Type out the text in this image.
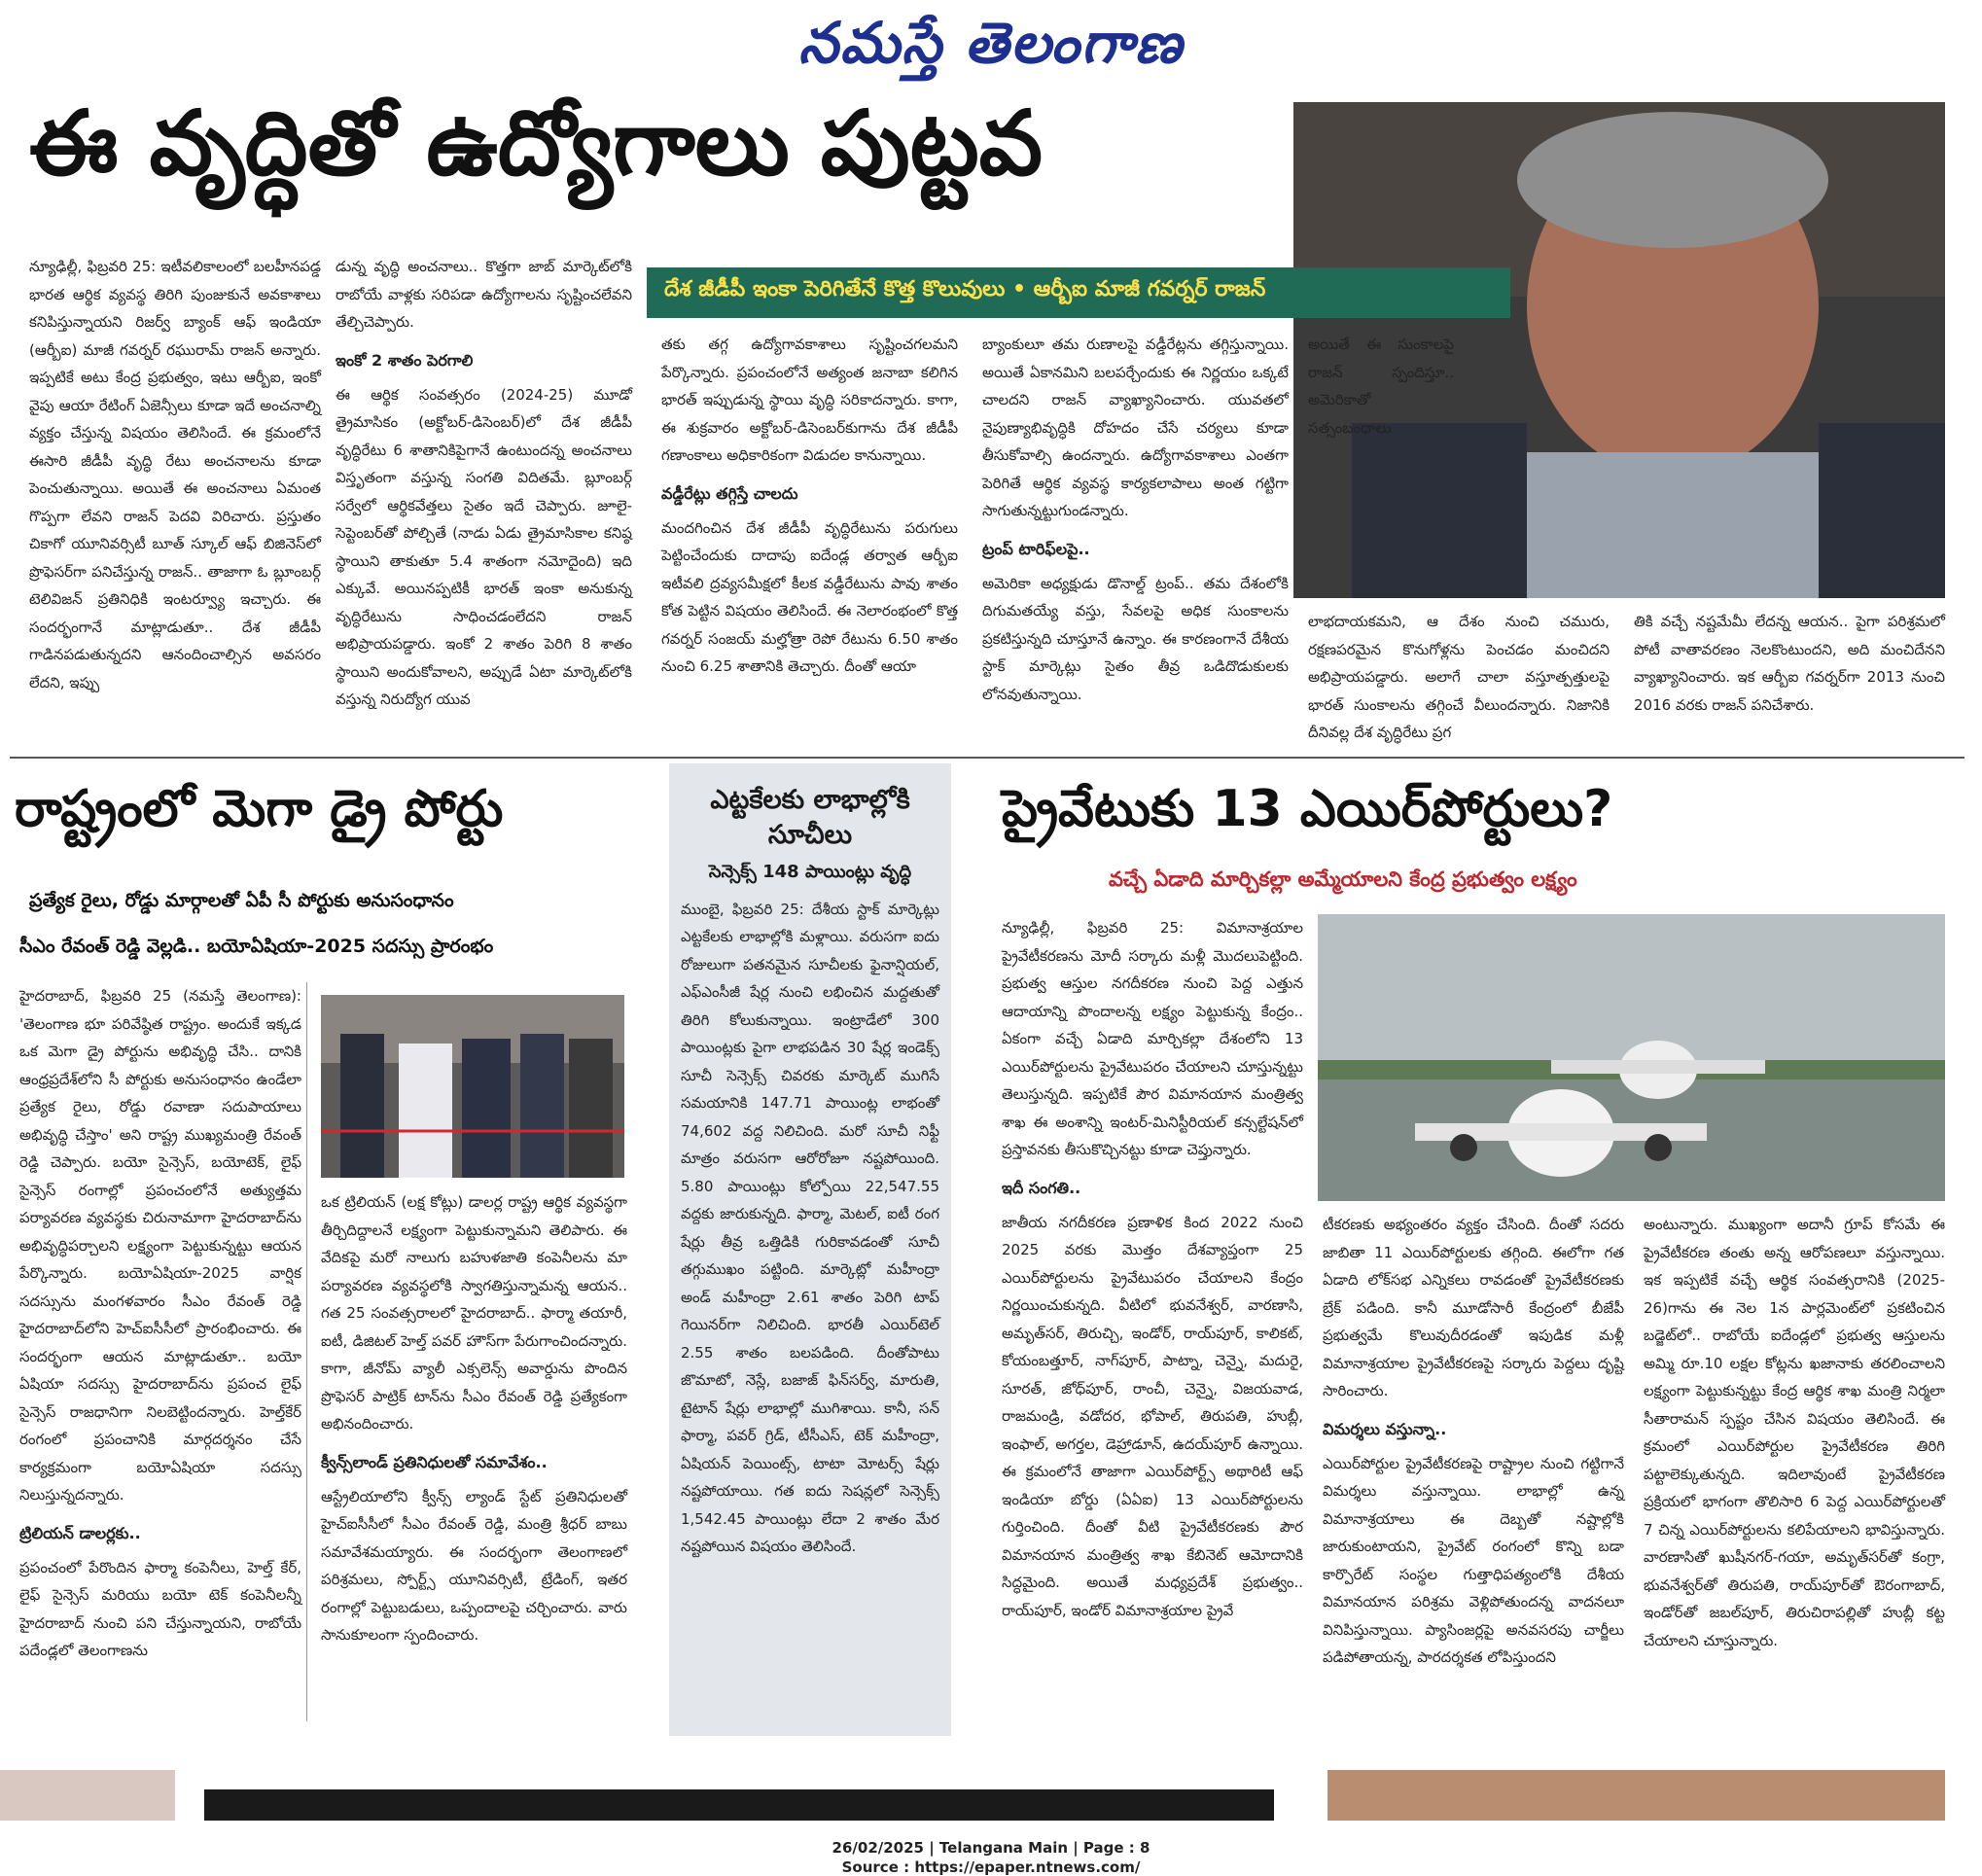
నమస్తే తెలంగాణ
ఈ వృద్ధితో ఉద్యోగాలు పుట్టవ
దేశ జీడీపీ ఇంకా పెరిగితేనే కొత్త కొలువులు • ఆర్బీఐ మాజీ గవర్నర్ రాజన్
న్యూఢిల్లీ, ఫిబ్రవరి 25: ఇటీవలికాలంలో బలహీనపడ్డ భారత ఆర్థిక వ్యవస్థ తిరిగి పుంజుకునే అవకాశాలు కనిపిస్తున్నాయని రిజర్వ్ బ్యాంక్ ఆఫ్ ఇండియా (ఆర్బీఐ) మాజీ గవర్నర్ రఘురామ్ రాజన్ అన్నారు. ఇప్పటికే అటు కేంద్ర ప్రభుత్వం, ఇటు ఆర్బీఐ, ఇంకో వైపు ఆయా రేటింగ్ ఏజెన్సీలు కూడా ఇదే అంచనాల్ని వ్యక్తం చేస్తున్న విషయం తెలిసిందే. ఈ క్రమంలోనే ఈసారి జీడీపీ వృద్ధి రేటు అంచనాలను కూడా పెంచుతున్నాయి. అయితే ఈ అంచనాలు ఏమంత గొప్పగా లేవని రాజన్ పెదవి విరిచారు. ప్రస్తుతం చికాగో యూనివర్సిటీ బూత్ స్కూల్ ఆఫ్ బిజినెస్‌లో ప్రొఫెసర్‌గా పనిచేస్తున్న రాజన్.. తాజాగా ఓ బ్లూంబర్గ్ టెలివిజన్ ప్రతినిధికి ఇంటర్వ్యూ ఇచ్చారు. ఈ సందర్భంగానే మాట్లాడుతూ.. దేశ జీడీపీ గాడినపడుతున్నదని ఆనందించాల్సిన అవసరం లేదని, ఇప్పు
డున్న వృద్ధి అంచనాలు.. కొత్తగా జాబ్ మార్కెట్‌లోకి రాబోయే వాళ్లకు సరిపడా ఉద్యోగాలను సృష్టించలేవని తేల్చిచెప్పారు.
ఇంకో 2 శాతం పెరగాలి
ఈ ఆర్థిక సంవత్సరం (2024-25) మూడో త్రైమాసికం (అక్టోబర్-డిసెంబర్)లో దేశ జీడీపీ వృద్ధిరేటు 6 శాతానికిపైగానే ఉంటుందన్న అంచనాలు విస్తృతంగా వస్తున్న సంగతి విదితమే. బ్లూంబర్గ్ సర్వేలో ఆర్థికవేత్తలు సైతం ఇదే చెప్పారు. జూలై-సెప్టెంబర్‌తో పోల్చితే (నాడు ఏడు త్రైమాసికాల కనిష్ఠ స్థాయిని తాకుతూ 5.4 శాతంగా నమోదైంది) ఇది ఎక్కువే. అయినప్పటికీ భారత్ ఇంకా అనుకున్న వృద్ధిరేటును సాధించడంలేదని రాజన్ అభిప్రాయపడ్డారు. ఇంకో 2 శాతం పెరిగి 8 శాతం స్థాయిని అందుకోవాలని, అప్పుడే ఏటా మార్కెట్‌లోకి వస్తున్న నిరుద్యోగ యువ
తకు తగ్గ ఉద్యోగావకాశాలు సృష్టించగలమని పేర్కొన్నారు. ప్రపంచంలోనే అత్యంత జనాబా కలిగిన భారత్ ఇప్పుడున్న స్థాయి వృద్ధి సరికాదన్నారు. కాగా, ఈ శుక్రవారం అక్టోబర్-డిసెంబర్‌కుగాను దేశ జీడీపీ గణాంకాలు అధికారికంగా విడుదల కానున్నాయి.
వడ్డీరేట్లు తగ్గిస్తే చాలదు
మందగించిన దేశ జీడీపీ వృద్ధిరేటును పరుగులు పెట్టించేందుకు దాదాపు ఐదేండ్ల తర్వాత ఆర్బీఐ ఇటీవలి ద్రవ్యసమీక్షలో కీలక వడ్డీరేటును పావు శాతం కోత పెట్టిన విషయం తెలిసిందే. ఈ నెలారంభంలో కొత్త గవర్నర్ సంజయ్ మల్హోత్రా రెపో రేటును 6.50 శాతం నుంచి 6.25 శాతానికి తెచ్చారు. దీంతో ఆయా
బ్యాంకులూ తమ రుణాలపై వడ్డీరేట్లను తగ్గిస్తున్నాయి. అయితే ఏకానమిని బలపర్చేందుకు ఈ నిర్ణయం ఒక్కటే చాలదని రాజన్ వ్యాఖ్యానించారు. యువతలో నైపుణ్యాభివృద్ధికి దోహదం చేసే చర్యలు కూడా తీసుకోవాల్సి ఉందన్నారు. ఉద్యోగావకాశాలు ఎంతగా పెరిగితే ఆర్థిక వ్యవస్థ కార్యకలాపాలు అంత గట్టిగా సాగుతున్నట్టుగుండన్నారు.
ట్రంప్ టారిఫ్‌లపై..
అమెరికా అధ్యక్షుడు డొనాల్డ్ ట్రంప్.. తమ దేశంలోకి దిగుమతయ్యే వస్తు, సేవలపై అధిక సుంకాలను ప్రకటిస్తున్నది చూస్తూనే ఉన్నాం. ఈ కారణంగానే దేశీయ స్టాక్ మార్కెట్లు సైతం తీవ్ర ఒడిదొడుకులకు లోనవుతున్నాయి.
అయితే ఈ సుంకాలపై రాజన్ స్పందిస్తూ.. అమెరికాతో సత్సంబంధాలు
లాభదాయకమని, ఆ దేశం నుంచి చమురు, రక్షణపరమైన కొనుగోళ్లను పెంచడం మంచిదని అభిప్రాయపడ్డారు. అలాగే చాలా వస్తూత్పత్తులపై భారత్ సుంకాలను తగ్గించే వీలుందన్నారు. నిజానికి దీనివల్ల దేశ వృద్ధిరేటు ప్రగ
తికి వచ్చే నష్టమేమీ లేదన్న ఆయన.. పైగా పరిశ్రమలో పోటీ వాతావరణం నెలకొంటుందని, అది మంచిదేనని వ్యాఖ్యానించారు. ఇక ఆర్బీఐ గవర్నర్‌గా 2013 నుంచి 2016 వరకు రాజన్ పనిచేశారు.
రాష్ట్రంలో మెగా డ్రై పోర్టు
ప్రత్యేక రైలు, రోడ్డు మార్గాలతో ఏపీ సీ పోర్టుకు అనుసంధానం
సీఎం రేవంత్ రెడ్డి వెల్లడి.. బయోఏషియా-2025 సదస్సు ప్రారంభం
హైదరాబాద్, ఫిబ్రవరి 25 (నమస్తే తెలంగాణ): 'తెలంగాణ భూ పరివేష్ఠిత రాష్ట్రం. అందుకే ఇక్కడ ఒక మెగా డ్రై పోర్టును అభివృద్ధి చేసి.. దానికి ఆంధ్రప్రదేశ్‌లోని సీ పోర్టుకు అనుసంధానం ఉండేలా ప్రత్యేక రైలు, రోడ్డు రవాణా సదుపాయాలు అభివృద్ధి చేస్తాం' అని రాష్ట్ర ముఖ్యమంత్రి రేవంత్ రెడ్డి చెప్పారు. బయో సైన్సెస్, బయోటెక్, లైఫ్ సైన్సెస్ రంగాల్లో ప్రపంచంలోనే అత్యుత్తమ పర్యావరణ వ్యవస్థకు చిరునామాగా హైదరాబాద్‌ను అభివృద్ధిపర్చాలని లక్ష్యంగా పెట్టుకున్నట్టు ఆయన పేర్కొన్నారు. బయోఏషియా-2025 వార్షిక సదస్సును మంగళవారం సీఎం రేవంత్ రెడ్డి హైదరాబాద్‌లోని హెచ్ఐసీసీలో ప్రారంభించారు. ఈ సందర్భంగా ఆయన మాట్లాడుతూ.. బయో ఏషియా సదస్సు హైదరాబాద్‌ను ప్రపంచ లైఫ్ సైన్సెస్ రాజధానిగా నిలబెట్టిందన్నారు. హెల్త్‌కేర్ రంగంలో ప్రపంచానికి మార్గదర్శనం చేసే కార్యక్రమంగా బయోఏషియా సదస్సు నిలుస్తున్నదన్నారు.
ట్రిలియన్ డాలర్లకు..
ప్రపంచంలో పేరొందిన ఫార్మా కంపెనీలు, హెల్త్ కేర్, లైఫ్ సైన్సెస్ మరియు బయో టెక్ కంపెనీలన్నీ హైదరాబాద్ నుంచి పని చేస్తున్నాయని, రాబోయే పదేండ్లలో తెలంగాణను
ఒక ట్రిలియన్ (లక్ష కోట్లు) డాలర్ల రాష్ట్ర ఆర్థిక వ్యవస్థగా తీర్చిదిద్దాలనే లక్ష్యంగా పెట్టుకున్నామని తెలిపారు. ఈ వేదికపై మరో నాలుగు బహుళజాతి కంపెనీలను మా పర్యావరణ వ్యవస్థలోకి స్వాగతిస్తున్నామన్న ఆయన.. గత 25 సంవత్సరాలలో హైదరాబాద్.. ఫార్మా తయారీ, ఐటీ, డిజిటల్ హెల్త్ పవర్ హౌస్‌గా పేరుగాంచిందన్నారు. కాగా, జీనోమ్ వ్యాలీ ఎక్సలెన్స్ అవార్డును పొందిన ప్రొఫెసర్ పాట్రిక్ టాన్‌ను సీఎం రేవంత్ రెడ్డి ప్రత్యేకంగా అభినందించారు.
క్వీన్స్‌లాండ్ ప్రతినిధులతో సమావేశం..
ఆస్ట్రేలియాలోని క్వీన్స్ ల్యాండ్ స్టేట్ ప్రతినిధులతో హైచ్ఐసీసీలో సీఎం రేవంత్ రెడ్డి, మంత్రి శ్రీధర్ బాబు సమావేశమయ్యారు. ఈ సందర్భంగా తెలంగాణలో పరిశ్రమలు, స్పోర్ట్స్ యూనివర్సిటీ, ట్రేడింగ్, ఇతర రంగాల్లో పెట్టుబడులు, ఒప్పందాలపై చర్చించారు. వారు సానుకూలంగా స్పందించారు.
ఎట్టకేలకు లాభాల్లోకి సూచీలు
సెన్సెక్స్ 148 పాయింట్లు వృద్ధి
ముంబై, ఫిబ్రవరి 25: దేశీయ స్టాక్ మార్కెట్లు ఎట్టకేలకు లాభాల్లోకి మళ్లాయి. వరుసగా ఐదు రోజులుగా పతనమైన సూచీలకు ఫైనాన్షియల్, ఎఫ్ఎంసీజీ షేర్ల నుంచి లభించిన మద్దతుతో తిరిగి కోలుకున్నాయి. ఇంట్రాడేలో 300 పాయింట్లకు పైగా లాభపడిన 30 షేర్ల ఇండెక్స్ సూచీ సెన్సెక్స్ చివరకు మార్కెట్ ముగిసే సమయానికి 147.71 పాయింట్ల లాభంతో 74,602 వద్ద నిలిచింది. మరో సూచీ నిఫ్టీ మాత్రం వరుసగా ఆరోరోజూ నష్టపోయింది. 5.80 పాయింట్లు కోల్పోయి 22,547.55 వద్దకు జారుకున్నది. ఫార్మా, మెటల్, ఐటీ రంగ షేర్లు తీవ్ర ఒత్తిడికి గురికావడంతో సూచీ తగ్గుముఖం పట్టింది. మార్కెట్లో మహీంద్రా అండ్ మహీంద్రా 2.61 శాతం పెరిగి టాప్ గెయినర్‌గా నిలిచింది. భారతీ ఎయిర్‌టెల్ 2.55 శాతం బలపడింది. దీంతోపాటు జొమాటో, నెస్లే, బజాజ్ ఫిన్‌సర్వ్, మారుతి, టైటాన్ షేర్లు లాభాల్లో ముగిశాయి. కానీ, సన్ ఫార్మా, పవర్ గ్రిడ్, టీసీఎస్, టెక్ మహీంద్రా, ఏషియన్ పెయింట్స్, టాటా మోటర్స్ షేర్లు నష్టపోయాయి. గత ఐదు సెషన్లలో సెన్సెక్స్ 1,542.45 పాయింట్లు లేదా 2 శాతం మేర నష్టపోయిన విషయం తెలిసిందే.
ప్రైవేటుకు 13 ఎయిర్‌పోర్టులు?
వచ్చే ఏడాది మార్చికల్లా అమ్మేయాలని కేంద్ర ప్రభుత్వం లక్ష్యం
న్యూఢిల్లీ, ఫిబ్రవరి 25: విమానాశ్రయాల ప్రైవేటీకరణను మోదీ సర్కారు మళ్లీ మొదలుపెట్టింది. ప్రభుత్వ ఆస్తుల నగదీకరణ నుంచి పెద్ద ఎత్తున ఆదాయాన్ని పొందాలన్న లక్ష్యం పెట్టుకున్న కేంద్రం.. ఏకంగా వచ్చే ఏడాది మార్చికల్లా దేశంలోని 13 ఎయిర్‌పోర్టులను ప్రైవేటుపరం చేయాలని చూస్తున్నట్టు తెలుస్తున్నది. ఇప్పటికే పౌర విమానయాన మంత్రిత్వ శాఖ ఈ అంశాన్ని ఇంటర్-మినిస్టీరియల్ కన్సల్టేషన్‌లో ప్రస్తావనకు తీసుకొచ్చినట్టు కూడా చెప్తున్నారు.
ఇదీ సంగతి..
జాతీయ నగదీకరణ ప్రణాళిక కింద 2022 నుంచి 2025 వరకు మొత్తం దేశవ్యాప్తంగా 25 ఎయిర్‌పోర్టులను ప్రైవేటుపరం చేయాలని కేంద్రం నిర్ణయించుకున్నది. వీటిలో భువనేశ్వర్, వారణాసి, అమృత్‌సర్, తిరుచ్చి, ఇండోర్, రాయ్‌పూర్, కాలికట్, కోయంబత్తూర్, నాగ్‌పూర్, పాట్నా, చెన్నై, మదురై, సూరత్, జోధ్‌పూర్, రాంచీ, చెన్నై, విజయవాడ, రాజమండ్రి, వడోదర, భోపాల్, తిరుపతి, హుబ్లీ, ఇంఫాల్, అగర్తల, డెహ్రాడూన్, ఉదయ్‌పూర్ ఉన్నాయి. ఈ క్రమంలోనే తాజాగా ఎయిర్‌పోర్ట్స్ అథారిటీ ఆఫ్ ఇండియా బోర్డు (ఏఏఐ) 13 ఎయిర్‌పోర్టులను గుర్తించింది. దీంతో వీటి ప్రైవేటీకరణకు పౌర విమానయాన మంత్రిత్వ శాఖ కేబినెట్ ఆమోదానికి సిద్ధమైంది. అయితే మధ్యప్రదేశ్ ప్రభుత్వం.. రాయ్‌పూర్, ఇండోర్ విమానాశ్రయాల ప్రైవే
టీకరణకు అభ్యంతరం వ్యక్తం చేసింది. దీంతో సదరు జాబితా 11 ఎయిర్‌పోర్టులకు తగ్గింది. ఈలోగా గత ఏడాది లోక్‌సభ ఎన్నికలు రావడంతో ప్రైవేటీకరణకు బ్రేక్ పడింది. కానీ మూడోసారీ కేంద్రంలో బీజేపీ ప్రభుత్వమే కొలువుదీరడంతో ఇపుడిక మళ్లీ విమానాశ్రయాల ప్రైవేటీకరణపై సర్కారు పెద్దలు దృష్టి సారించారు.
విమర్శలు వస్తున్నా..
ఎయిర్‌పోర్టుల ప్రైవేటీకరణపై రాష్ట్రాల నుంచి గట్టిగానే విమర్శలు వస్తున్నాయి. లాభాల్లో ఉన్న విమానాశ్రయాలు ఈ దెబ్బతో నష్టాల్లోకి జారుకుంటాయని, ప్రైవేట్ రంగంలో కొన్ని బడా కార్పొరేట్ సంస్థల గుత్తాధిపత్యంలోకి దేశీయ విమానయాన పరిశ్రమ వెళ్లిపోతుందన్న వాదనలూ వినిపిస్తున్నాయి. ప్యాసింజర్లపై అనవసరపు చార్జీలు పడిపోతాయన్న, పారదర్శకత లోపిస్తుందని
అంటున్నారు. ముఖ్యంగా అదానీ గ్రూప్ కోసమే ఈ ప్రైవేటీకరణ తంతు అన్న ఆరోపణలూ వస్తున్నాయి. ఇక ఇప్పటికే వచ్చే ఆర్థిక సంవత్సరానికి (2025-26)గాను ఈ నెల 1న పార్లమెంట్‌లో ప్రకటించిన బడ్జెట్‌లో.. రాబోయే ఐదేండ్లలో ప్రభుత్వ ఆస్తులను అమ్మి రూ.10 లక్షల కోట్లను ఖజానాకు తరలించాలని లక్ష్యంగా పెట్టుకున్నట్టు కేంద్ర ఆర్థిక శాఖ మంత్రి నిర్మలా సీతారామన్ స్పష్టం చేసిన విషయం తెలిసిందే. ఈ క్రమంలో ఎయిర్‌పోర్టుల ప్రైవేటీకరణ తిరిగి పట్టాలెక్కుతున్నది. ఇదిలావుంటే ప్రైవేటీకరణ ప్రక్రియలో భాగంగా తొలిసారి 6 పెద్ద ఎయిర్‌పోర్టులతో 7 చిన్న ఎయిర్‌పోర్టులను కలిపేయాలని భావిస్తున్నారు. వారణాసితో ఖుషీనగర్-గయా, అమృత్‌సర్‌తో కంగ్రా, భువనేశ్వర్‌తో తిరుపతి, రాయ్‌పూర్‌తో ఔరంగాబాద్, ఇండోర్‌తో జబల్‌పూర్, తిరుచిరాపల్లితో హుబ్లీ కట్ట చేయాలని చూస్తున్నారు.
26/02/2025 | Telangana Main | Page : 8
Source : https://epaper.ntnews.com/
